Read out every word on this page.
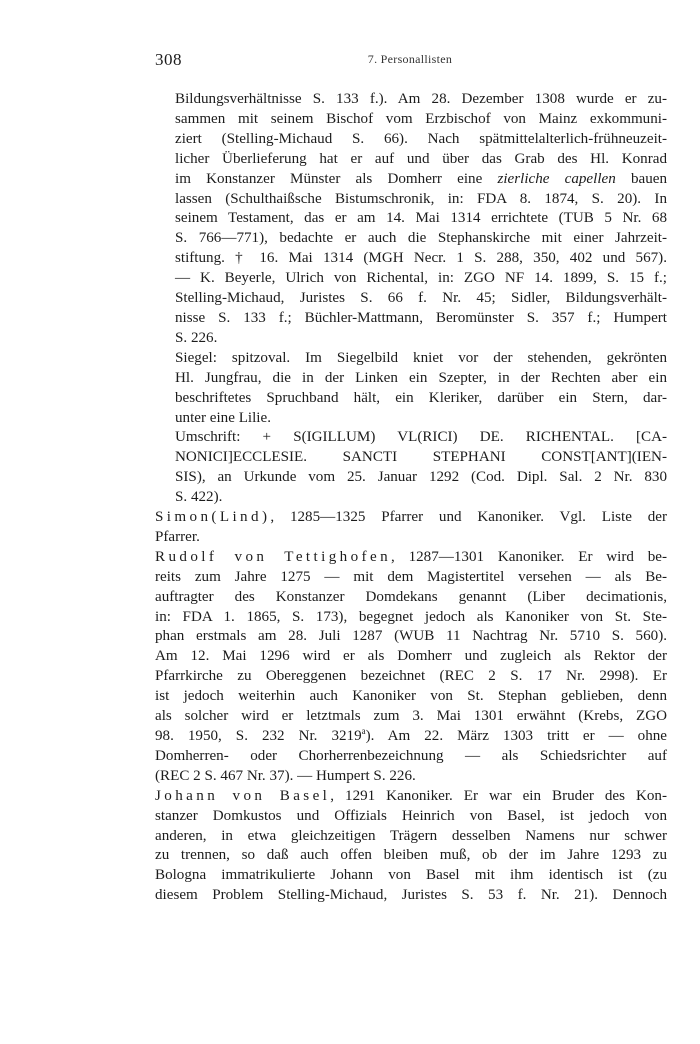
308	7. Personallisten
Bildungsverhältnisse S. 133 f.). Am 28. Dezember 1308 wurde er zu-
sammen mit seinem Bischof vom Erzbischof von Mainz exkommuni-
ziert (Stelling-Michaud S. 66). Nach spätmittelalterlich-frühneuzeit-
licher Überlieferung hat er auf und über das Grab des Hl. Konrad
im Konstanzer Münster als Domherr eine zierliche capellen bauen
lassen (Schulthaißsche Bistumschronik, in: FDA 8. 1874, S. 20). In
seinem Testament, das er am 14. Mai 1314 errichtete (TUB 5 Nr. 68
S. 766—771), bedachte er auch die Stephanskirche mit einer Jahrzeit-
stiftung. † 16. Mai 1314 (MGH Necr. 1 S. 288, 350, 402 und 567).
— K. Beyerle, Ulrich von Richental, in: ZGO NF 14. 1899, S. 15 f.;
Stelling-Michaud, Juristes S. 66 f. Nr. 45; Sidler, Bildungsverhält-
nisse S. 133 f.; Büchler-Mattmann, Beromünster S. 357 f.; Humpert
S. 226.
Siegel: spitzoval. Im Siegelbild kniet vor der stehenden, gekrönten
Hl. Jungfrau, die in der Linken ein Szepter, in der Rechten aber ein
beschriftetes Spruchband hält, ein Kleriker, darüber ein Stern, dar-
unter eine Lilie.
Umschrift: + S(IGILLUM) VL(RICI) DE. RICHENTAL. [CA-
NONICI]ECCLESIE. SANCTI STEPHANI CONST[ANT](IEN-
SIS), an Urkunde vom 25. Januar 1292 (Cod. Dipl. Sal. 2 Nr. 830
S. 422).
Simon(Lind), 1285—1325 Pfarrer und Kanoniker. Vgl. Liste der
Pfarrer.
Rudolf von Tettighofen, 1287—1301 Kanoniker. Er wird be-
reits zum Jahre 1275 — mit dem Magistertitel versehen — als Be-
auftragter des Konstanzer Domdekans genannt (Liber decimationis,
in: FDA 1. 1865, S. 173), begegnet jedoch als Kanoniker von St. Ste-
phan erstmals am 28. Juli 1287 (WUB 11 Nachtrag Nr. 5710 S. 560).
Am 12. Mai 1296 wird er als Domherr und zugleich als Rektor der
Pfarrkirche zu Obereggenen bezeichnet (REC 2 S. 17 Nr. 2998). Er
ist jedoch weiterhin auch Kanoniker von St. Stephan geblieben, denn
als solcher wird er letztmals zum 3. Mai 1301 erwähnt (Krebs, ZGO
98. 1950, S. 232 Nr. 3219$^a$). Am 22. März 1303 tritt er — ohne
Domherren- oder Chorherrenbezeichnung — als Schiedsrichter auf
(REC 2 S. 467 Nr. 37). — Humpert S. 226.
Johann von Basel, 1291 Kanoniker. Er war ein Bruder des Kon-
stanzer Domkustos und Offizials Heinrich von Basel, ist jedoch von
anderen, in etwa gleichzeitigen Trägern desselben Namens nur schwer
zu trennen, so daß auch offen bleiben muß, ob der im Jahre 1293 zu
Bologna immatrikulierte Johann von Basel mit ihm identisch ist (zu
diesem Problem Stelling-Michaud, Juristes S. 53 f. Nr. 21). Dennoch
